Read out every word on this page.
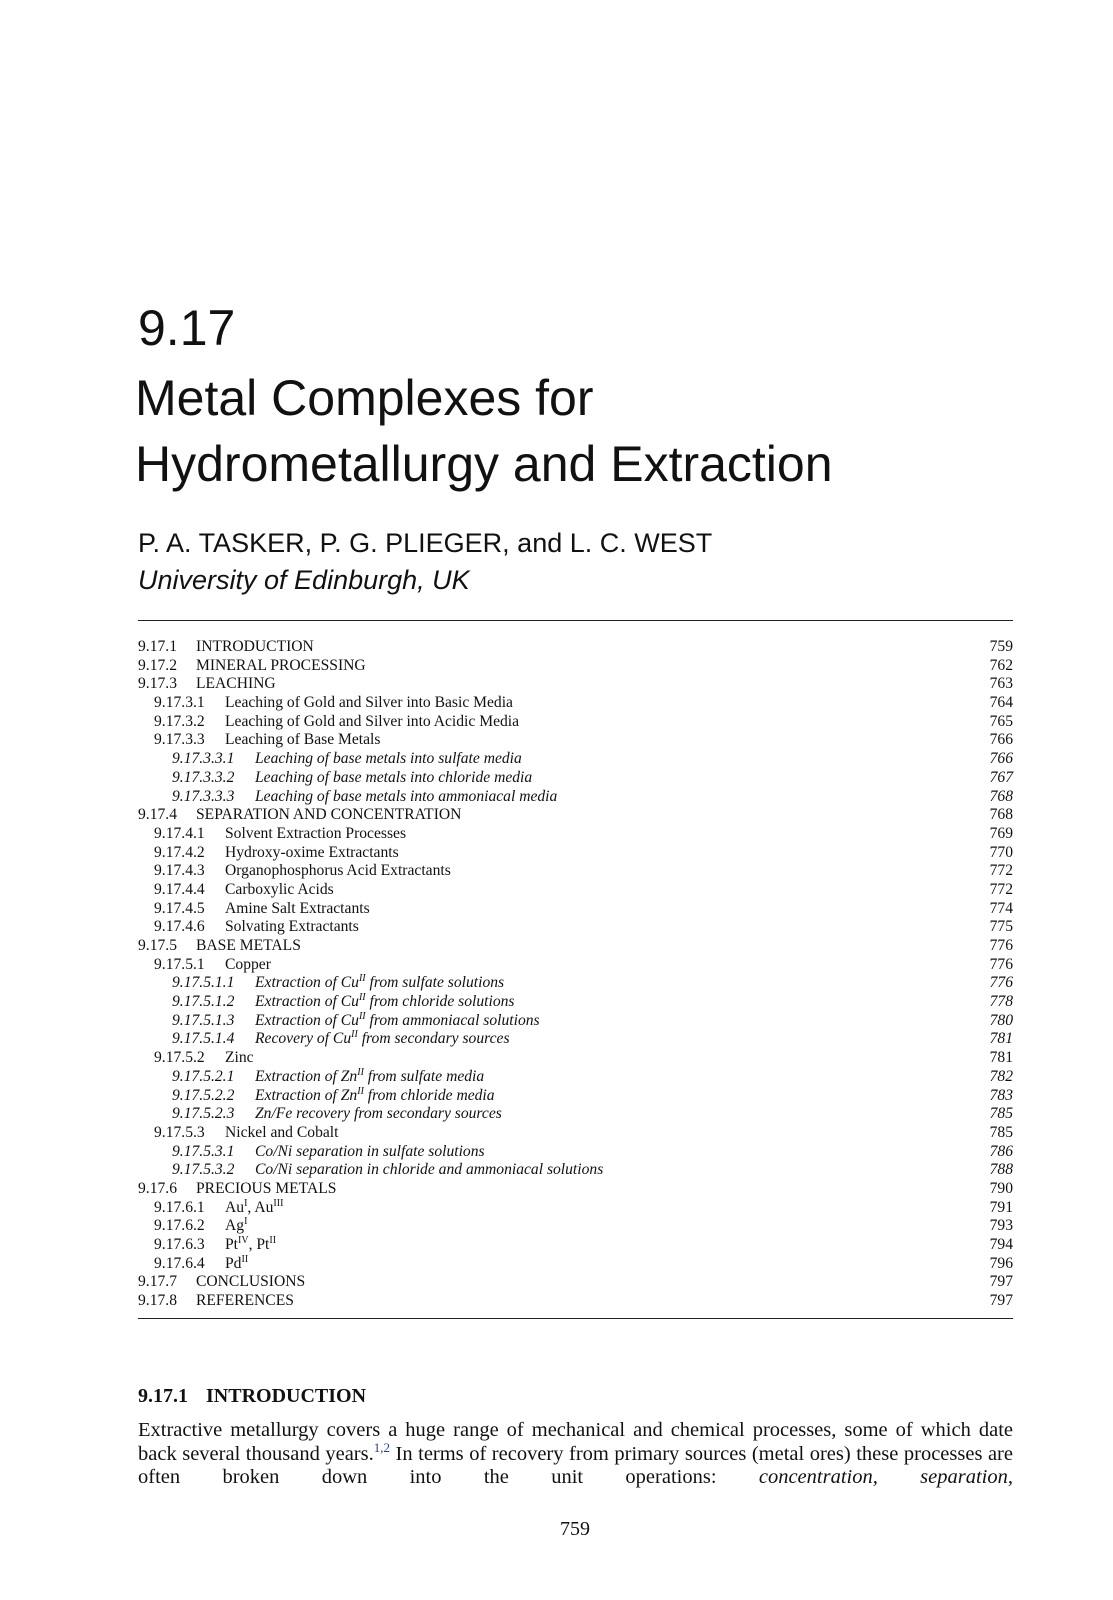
9.17
Metal Complexes for
Hydrometallurgy and Extraction
P. A. TASKER, P. G. PLIEGER, and L. C. WEST
University of Edinburgh, UK
9.17.1	INTRODUCTION	759
9.17.2	MINERAL PROCESSING	762
9.17.3	LEACHING	763
9.17.3.1	Leaching of Gold and Silver into Basic Media	764
9.17.3.2	Leaching of Gold and Silver into Acidic Media	765
9.17.3.3	Leaching of Base Metals	766
9.17.3.3.1	Leaching of base metals into sulfate media	766
9.17.3.3.2	Leaching of base metals into chloride media	767
9.17.3.3.3	Leaching of base metals into ammoniacal media	768
9.17.4	SEPARATION AND CONCENTRATION	768
9.17.4.1	Solvent Extraction Processes	769
9.17.4.2	Hydroxy-oxime Extractants	770
9.17.4.3	Organophosphorus Acid Extractants	772
9.17.4.4	Carboxylic Acids	772
9.17.4.5	Amine Salt Extractants	774
9.17.4.6	Solvating Extractants	775
9.17.5	BASE METALS	776
9.17.5.1	Copper	776
9.17.5.1.1	Extraction of $Cu^{II}$ from sulfate solutions	776
9.17.5.1.2	Extraction of $Cu^{II}$ from chloride solutions	778
9.17.5.1.3	Extraction of $Cu^{II}$ from ammoniacal solutions	780
9.17.5.1.4	Recovery of $Cu^{II}$ from secondary sources	781
9.17.5.2	Zinc	781
9.17.5.2.1	Extraction of $Zn^{II}$ from sulfate media	782
9.17.5.2.2	Extraction of $Zn^{II}$ from chloride media	783
9.17.5.2.3	Zn/Fe recovery from secondary sources	785
9.17.5.3	Nickel and Cobalt	785
9.17.5.3.1	Co/Ni separation in sulfate solutions	786
9.17.5.3.2	Co/Ni separation in chloride and ammoniacal solutions	788
9.17.6	PRECIOUS METALS	790
9.17.6.1	$Au^I$, $Au^{III}$	791
9.17.6.2	$Ag^I$	793
9.17.6.3	$Pt^{IV}$, $Pt^{II}$	794
9.17.6.4	$Pd^{II}$	796
9.17.7	CONCLUSIONS	797
9.17.8	REFERENCES	797
9.17.1 INTRODUCTION
Extractive metallurgy covers a huge range of mechanical and chemical processes, some of which date back several thousand years.$^{1,2}$ In terms of recovery from primary sources (metal ores) these processes are often broken down into the unit operations: concentration, separation,
759
